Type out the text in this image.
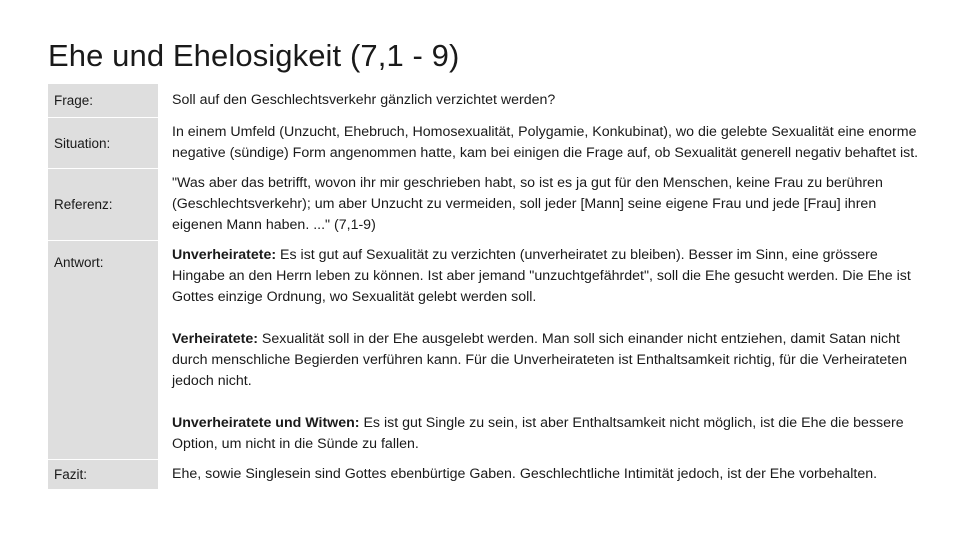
Ehe und Ehelosigkeit (7,1 - 9)
Frage:	Soll auf den Geschlechtsverkehr gänzlich verzichtet werden?
Situation:
In einem Umfeld (Unzucht, Ehebruch, Homosexualität, Polygamie, Konkubinat), wo die gelebte Sexualität eine enorme negative (sündige) Form angenommen hatte, kam bei einigen die Frage auf, ob Sexualität generell negativ behaftet ist.
Referenz:
"Was aber das betrifft, wovon ihr mir geschrieben habt, so ist es ja gut für den Menschen, keine Frau zu berühren (Geschlechtsverkehr); um aber Unzucht zu vermeiden, soll jeder [Mann] seine eigene Frau und jede [Frau] ihren eigenen Mann haben. ..." (7,1-9)
Antwort:	Unverheiratete: Es ist gut auf Sexualität zu verzichten (unverheiratet zu bleiben). Besser im Sinn, eine grössere Hingabe an den Herrn leben zu können. Ist aber jemand "unzuchtgefährdet", soll die Ehe gesucht werden. Die Ehe ist Gottes einzige Ordnung, wo Sexualität gelebt werden soll.

Verheiratete: Sexualität soll in der Ehe ausgelebt werden. Man soll sich einander nicht entziehen, damit Satan nicht durch menschliche Begierden verführen kann. Für die Unverheirateten ist Enthaltsamkeit richtig, für die Verheirateten jedoch nicht.

Unverheiratete und Witwen: Es ist gut Single zu sein, ist aber Enthaltsamkeit nicht möglich, ist die Ehe die bessere Option, um nicht in die Sünde zu fallen.

Fazit:	Ehe, sowie Singlesein sind Gottes ebenbürtige Gaben. Geschlechtliche Intimität jedoch, ist der Ehe vorbehalten.
